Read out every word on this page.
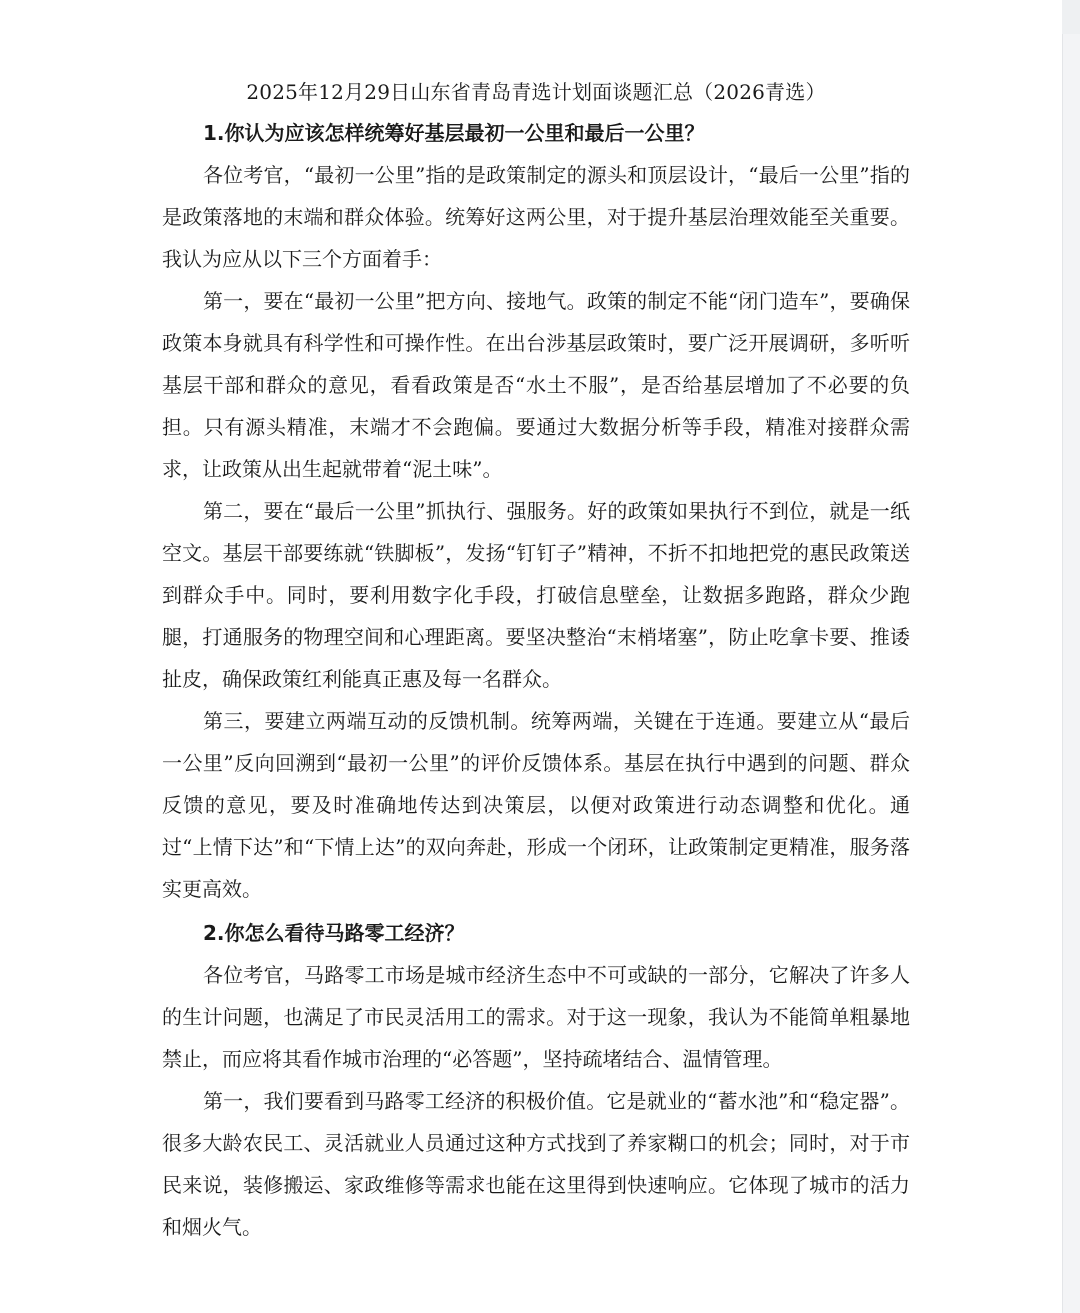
2025年12月29日山东省青岛青选计划面谈题汇总（2026青选）
1.你认为应该怎样统筹好基层最初一公里和最后一公里？

各位考官，“最初一公里”指的是政策制定的源头和顶层设计，“最后一公里”指的是政策落地的末端和群众体验。统筹好这两公里，对于提升基层治理效能至关重要。我认为应从以下三个方面着手：

第一，要在“最初一公里”把方向、接地气。政策的制定不能“闭门造车”，要确保政策本身就具有科学性和可操作性。在出台涉基层政策时，要广泛开展调研，多听听基层干部和群众的意见，看看政策是否“水土不服”，是否给基层增加了不必要的负担。只有源头精准，末端才不会跑偏。要通过大数据分析等手段，精准对接群众需求，让政策从出生起就带着“泥土味”。

第二，要在“最后一公里”抓执行、强服务。好的政策如果执行不到位，就是一纸空文。基层干部要练就“铁脚板”，发扬“钉钉子”精神，不折不扣地把党的惠民政策送到群众手中。同时，要利用数字化手段，打破信息壁垒，让数据多跑路，群众少跑腿，打通服务的物理空间和心理距离。要坚决整治“末梢堵塞”，防止吃拿卡要、推诿扯皮，确保政策红利能真正惠及每一名群众。

第三，要建立两端互动的反馈机制。统筹两端，关键在于连通。要建立从“最后一公里”反向回溯到“最初一公里”的评价反馈体系。基层在执行中遇到的问题、群众反馈的意见，要及时准确地传达到决策层，以便对政策进行动态调整和优化。通过“上情下达”和“下情上达”的双向奔赴，形成一个闭环，让政策制定更精准，服务落实更高效。

2.你怎么看待马路零工经济？

各位考官，马路零工市场是城市经济生态中不可或缺的一部分，它解决了许多人的生计问题，也满足了市民灵活用工的需求。对于这一现象，我认为不能简单粗暴地禁止，而应将其看作城市治理的“必答题”，坚持疏堵结合、温情管理。

第一，我们要看到马路零工经济的积极价值。它是就业的“蓄水池”和“稳定器”。很多大龄农民工、灵活就业人员通过这种方式找到了养家糊口的机会；同时，对于市民来说，装修搬运、家政维修等需求也能在这里得到快速响应。它体现了城市的活力和烟火气。
